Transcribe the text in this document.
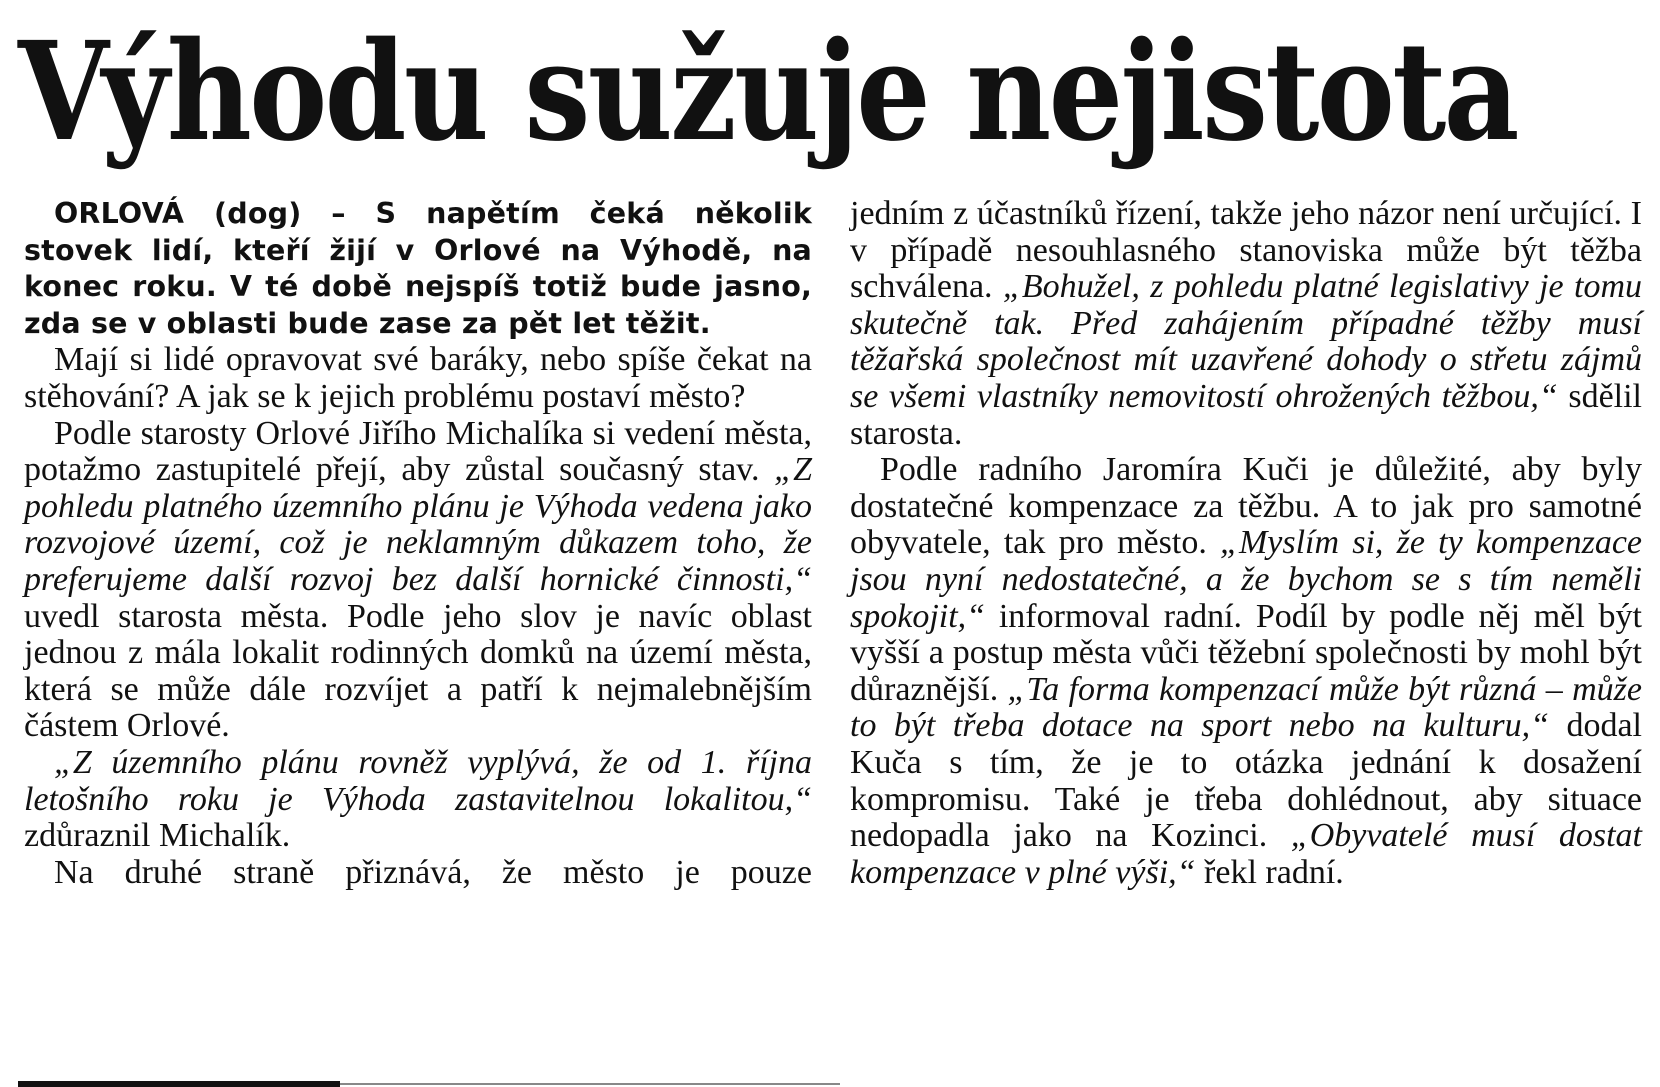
Výhodu sužuje nejistota

ORLOVÁ (dog) – S napětím čeká několik stovek lidí, kteří žijí v Orlové na Výhodě, na konec roku. V té době nejspíš totiž bude jasno, zda se v oblasti bude zase za pět let těžit.

Mají si lidé opravovat své baráky, nebo spíše čekat na stěhování? A jak se k jejich problému postaví město?

Podle starosty Orlové Jiřího Michalíka si vedení města, potažmo zastupitelé přejí, aby zůstal současný stav. „Z pohledu platného územního plánu je Výhoda vedena jako rozvojové území, což je neklamným důkazem toho, že preferujeme další rozvoj bez další hornické činnosti,“ uvedl starosta města. Podle jeho slov je navíc oblast jednou z mála lokalit rodinných domků na území města, která se může dále rozvíjet a patří k nejmalebnějším částem Orlové.

„Z územního plánu rovněž vyplývá, že od 1. října letošního roku je Výhoda zastavitelnou lokalitou,“ zdůraznil Michalík.

Na druhé straně přiznává, že město je pouze

jedním z účastníků řízení, takže jeho názor není určující. I v případě nesouhlasného stanoviska může být těžba schválena. „Bohužel, z pohledu platné legislativy je tomu skutečně tak. Před zahájením případné těžby musí těžařská společnost mít uzavřené dohody o střetu zájmů se všemi vlastníky nemovitostí ohrožených těžbou,“ sdělil starosta.

Podle radního Jaromíra Kuči je důležité, aby byly dostatečné kompenzace za těžbu. A to jak pro samotné obyvatele, tak pro město. „Myslím si, že ty kompenzace jsou nyní nedostatečné, a že bychom se s tím neměli spokojit,“ informoval radní. Podíl by podle něj měl být vyšší a postup města vůči těžební společnosti by mohl být důraznější. „Ta forma kompenzací může být různá – může to být třeba dotace na sport nebo na kulturu,“ dodal Kuča s tím, že je to otázka jednání k dosažení kompromisu. Také je třeba dohlédnout, aby situace nedopadla jako na Kozinci. „Obyvatelé musí dostat kompenzace v plné výši,“ řekl radní.
